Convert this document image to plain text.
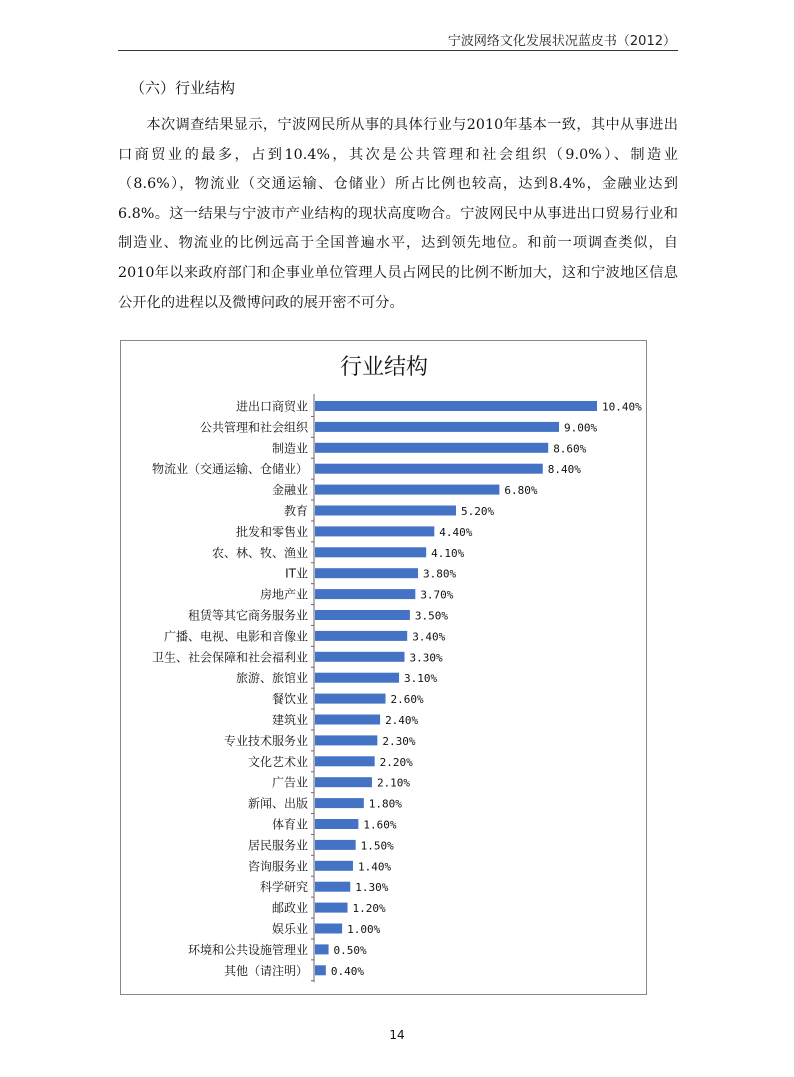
宁波网络文化发展状况蓝皮书（2012）
（六）行业结构
本次调查结果显示，宁波网民所从事的具体行业与2010年基本一致，其中从事进出口商贸业的最多，占到10.4%，其次是公共管理和社会组织（9.0%）、制造业（8.6%），物流业（交通运输、仓储业）所占比例也较高，达到8.4%，金融业达到6.8%。这一结果与宁波市产业结构的现状高度吻合。宁波网民中从事进出口贸易行业和制造业、物流业的比例远高于全国普遍水平，达到领先地位。和前一项调查类似，自2010年以来政府部门和企事业单位管理人员占网民的比例不断加大，这和宁波地区信息公开化的进程以及微博问政的展开密不可分。
行业结构
进出口商贸业	10.40%
公共管理和社会组织	9.00%
制造业	8.60%
物流业（交通运输、仓储业）	8.40%
金融业	6.80%
教育	5.20%
批发和零售业	4.40%
农、林、牧、渔业	4.10%
IT业	3.80%
房地产业	3.70%
租赁等其它商务服务业	3.50%
广播、电视、电影和音像业	3.40%
卫生、社会保障和社会福利业	3.30%
旅游、旅馆业	3.10%
餐饮业	2.60%
建筑业	2.40%
专业技术服务业	2.30%
文化艺术业	2.20%
广告业	2.10%
新闻、出版	1.80%
体育业	1.60%
居民服务业	1.50%
咨询服务业	1.40%
科学研究	1.30%
邮政业	1.20%
娱乐业	1.00%
环境和公共设施管理业 0.50%
其他（请注明） 0.40%
14
